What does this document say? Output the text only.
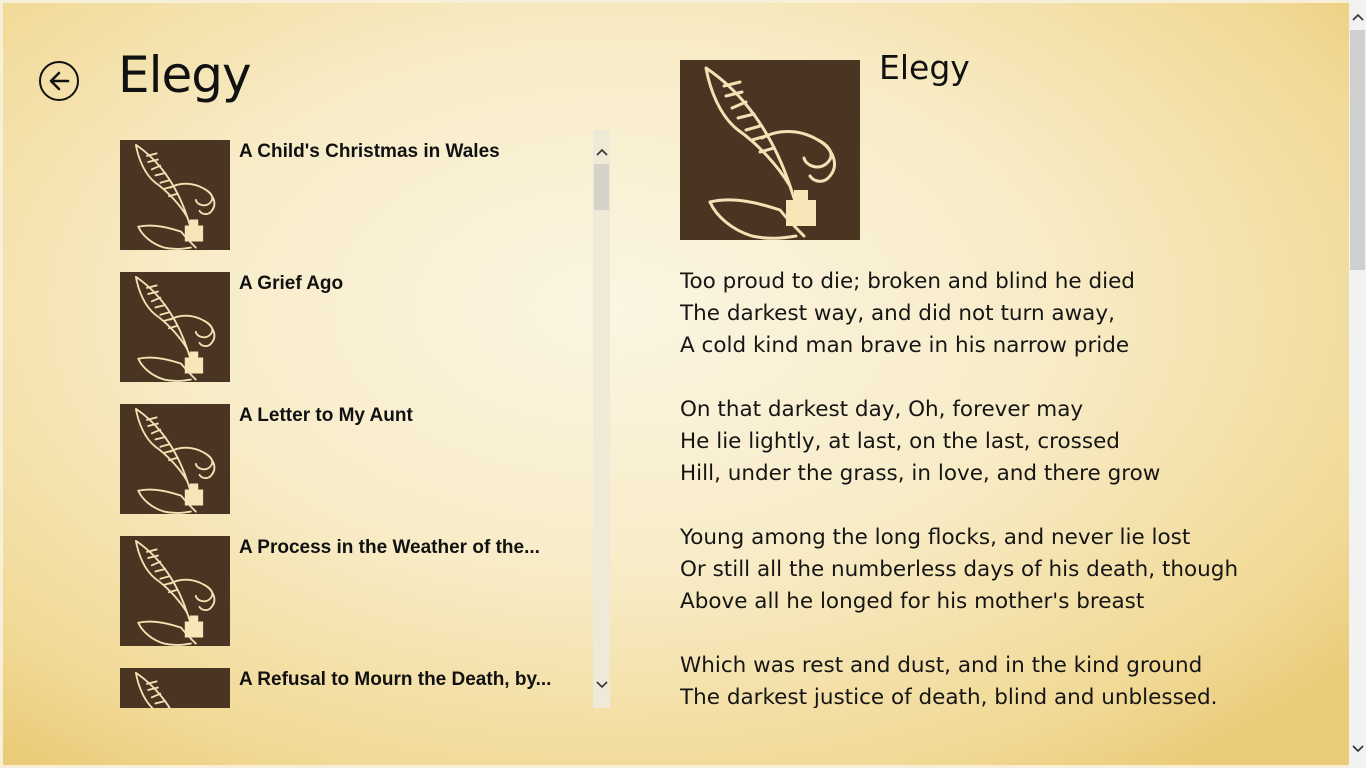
Elegy
A Child's Christmas in Wales
A Grief Ago
A Letter to My Aunt
A Process in the Weather of the...
A Refusal to Mourn the Death, by...
Elegy
Too proud to die; broken and blind he died
The darkest way, and did not turn away,
A cold kind man brave in his narrow pride
On that darkest day, Oh, forever may
He lie lightly, at last, on the last, crossed
Hill, under the grass, in love, and there grow
Young among the long flocks, and never lie lost
Or still all the numberless days of his death, though
Above all he longed for his mother's breast
Which was rest and dust, and in the kind ground
The darkest justice of death, blind and unblessed.
